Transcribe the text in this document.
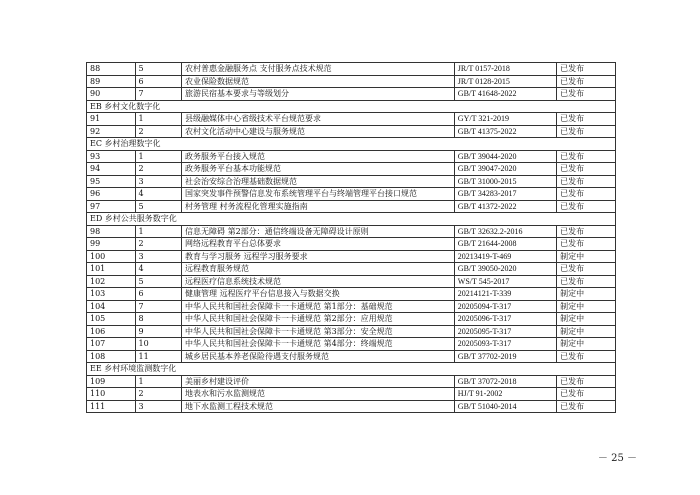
88	5	农村普惠金融服务点 支付服务点技术规范	JR/T 0157-2018	已发布
89	6	农业保险数据规范	JR/T 0128-2015	已发布
90	7	旅游民宿基本要求与等级划分	GB/T 41648-2022	已发布
EB 乡村文化数字化				
91	1	县级融媒体中心省级技术平台规范要求	GY/T 321-2019	已发布
92	2	农村文化活动中心建设与服务规范	GB/T 41375-2022	已发布
EC 乡村治理数字化				
93	1	政务服务平台接入规范	GB/T 39044-2020	已发布
94	2	政务服务平台基本功能规范	GB/T 39047-2020	已发布
95	3	社会治安综合治理基础数据规范	GB/T 31000-2015	已发布
96	4	国家突发事件预警信息发布系统管理平台与终端管理平台接口规范	GB/T 34283-2017	已发布
97	5	村务管理 村务流程化管理实施指南	GB/T 41372-2022	已发布
ED 乡村公共服务数字化				
98	1	信息无障碍 第2部分：通信终端设备无障碍设计原则	GB/T 32632.2-2016	已发布
99	2	网络远程教育平台总体要求	GB/T 21644-2008	已发布
100	3	教育与学习服务 远程学习服务要求	20213419-T-469	制定中
101	4	远程教育服务规范	GB/T 39050-2020	已发布
102	5	远程医疗信息系统技术规范	WS/T 545-2017	已发布
103	6	健康管理 远程医疗平台信息接入与数据交换	20214121-T-339	制定中
104	7	中华人民共和国社会保障卡一卡通规范 第1部分：基础规范	20205094-T-317	制定中
105	8	中华人民共和国社会保障卡一卡通规范 第2部分：应用规范	20205096-T-317	制定中
106	9	中华人民共和国社会保障卡一卡通规范 第3部分：安全规范	20205095-T-317	制定中
107	10	中华人民共和国社会保障卡一卡通规范 第4部分：终端规范	20205093-T-317	制定中
108	11	城乡居民基本养老保险待遇支付服务规范	GB/T 37702-2019	已发布
EE 乡村环境监测数字化				
109	1	美丽乡村建设评价	GB/T 37072-2018	已发布
110	2	地表水和污水监测规范	HJ/T 91-2002	已发布
111	3	地下水监测工程技术规范	GB/T 51040-2014	已发布
－ 25 －
